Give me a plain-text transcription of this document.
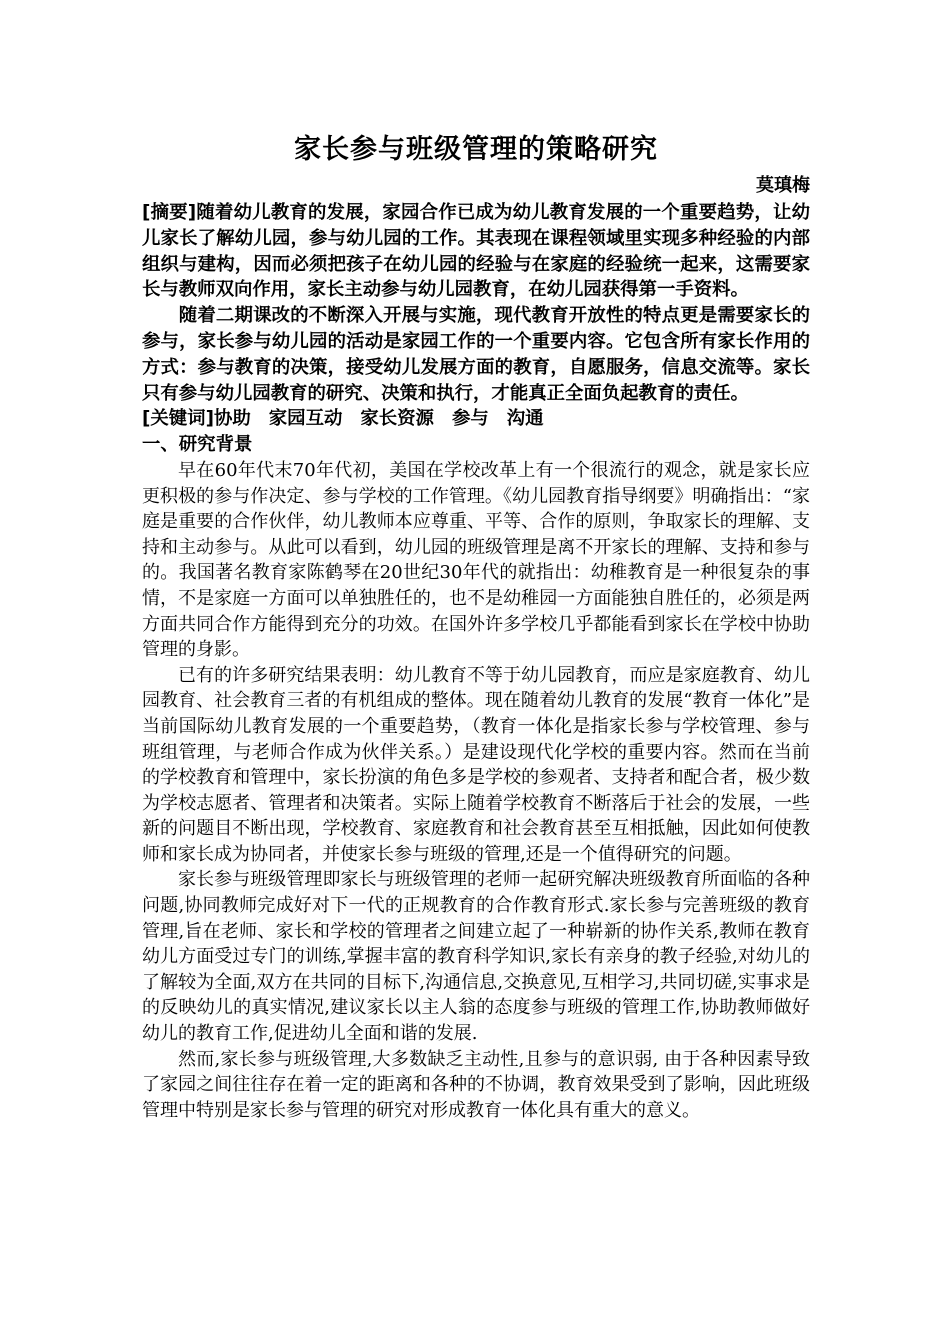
家长参与班级管理的策略研究
莫瑱梅

[摘要]随着幼儿教育的发展，家园合作已成为幼儿教育发展的一个重要趋势，让幼儿家长了解幼儿园，参与幼儿园的工作。其表现在课程领域里实现多种经验的内部组织与建构，因而必须把孩子在幼儿园的经验与在家庭的经验统一起来，这需要家长与教师双向作用，家长主动参与幼儿园教育，在幼儿园获得第一手资料。

随着二期课改的不断深入开展与实施，现代教育开放性的特点更是需要家长的参与，家长参与幼儿园的活动是家园工作的一个重要内容。它包含所有家长作用的方式：参与教育的决策，接受幼儿发展方面的教育，自愿服务，信息交流等。家长只有参与幼儿园教育的研究、决策和执行，才能真正全面负起教育的责任。

[关键词]协助 家园互动 家长资源 参与 沟通

一、研究背景

早在60年代末70年代初，美国在学校改革上有一个很流行的观念，就是家长应更积极的参与作决定、参与学校的工作管理。《幼儿园教育指导纲要》明确指出：“家庭是重要的合作伙伴，幼儿教师本应尊重、平等、合作的原则，争取家长的理解、支持和主动参与。从此可以看到，幼儿园的班级管理是离不开家长的理解、支持和参与的。我国著名教育家陈鹤琴在20世纪30年代的就指出：幼稚教育是一种很复杂的事情，不是家庭一方面可以单独胜任的，也不是幼稚园一方面能独自胜任的，必须是两方面共同合作方能得到充分的功效。在国外许多学校几乎都能看到家长在学校中协助管理的身影。

已有的许多研究结果表明：幼儿教育不等于幼儿园教育，而应是家庭教育、幼儿园教育、社会教育三者的有机组成的整体。现在随着幼儿教育的发展“教育一体化”是当前国际幼儿教育发展的一个重要趋势，（教育一体化是指家长参与学校管理、参与班组管理，与老师合作成为伙伴关系。）是建设现代化学校的重要内容。然而在当前的学校教育和管理中，家长扮演的角色多是学校的参观者、支持者和配合者，极少数为学校志愿者、管理者和决策者。实际上随着学校教育不断落后于社会的发展，一些新的问题目不断出现，学校教育、家庭教育和社会教育甚至互相抵触，因此如何使教师和家长成为协同者，并使家长参与班级的管理,还是一个值得研究的问题。

家长参与班级管理即家长与班级管理的老师一起研究解决班级教育所面临的各种问题,协同教师完成好对下一代的正规教育的合作教育形式.家长参与完善班级的教育管理,旨在老师、家长和学校的管理者之间建立起了一种崭新的协作关系,教师在教育幼儿方面受过专门的训练,掌握丰富的教育科学知识,家长有亲身的教子经验,对幼儿的了解较为全面,双方在共同的目标下,沟通信息,交换意见,互相学习,共同切磋,实事求是的反映幼儿的真实情况,建议家长以主人翁的态度参与班级的管理工作,协助教师做好幼儿的教育工作,促进幼儿全面和谐的发展.

然而,家长参与班级管理,大多数缺乏主动性,且参与的意识弱, 由于各种因素导致了家园之间往往存在着一定的距离和各种的不协调，教育效果受到了影响，因此班级管理中特别是家长参与管理的研究对形成教育一体化具有重大的意义。
